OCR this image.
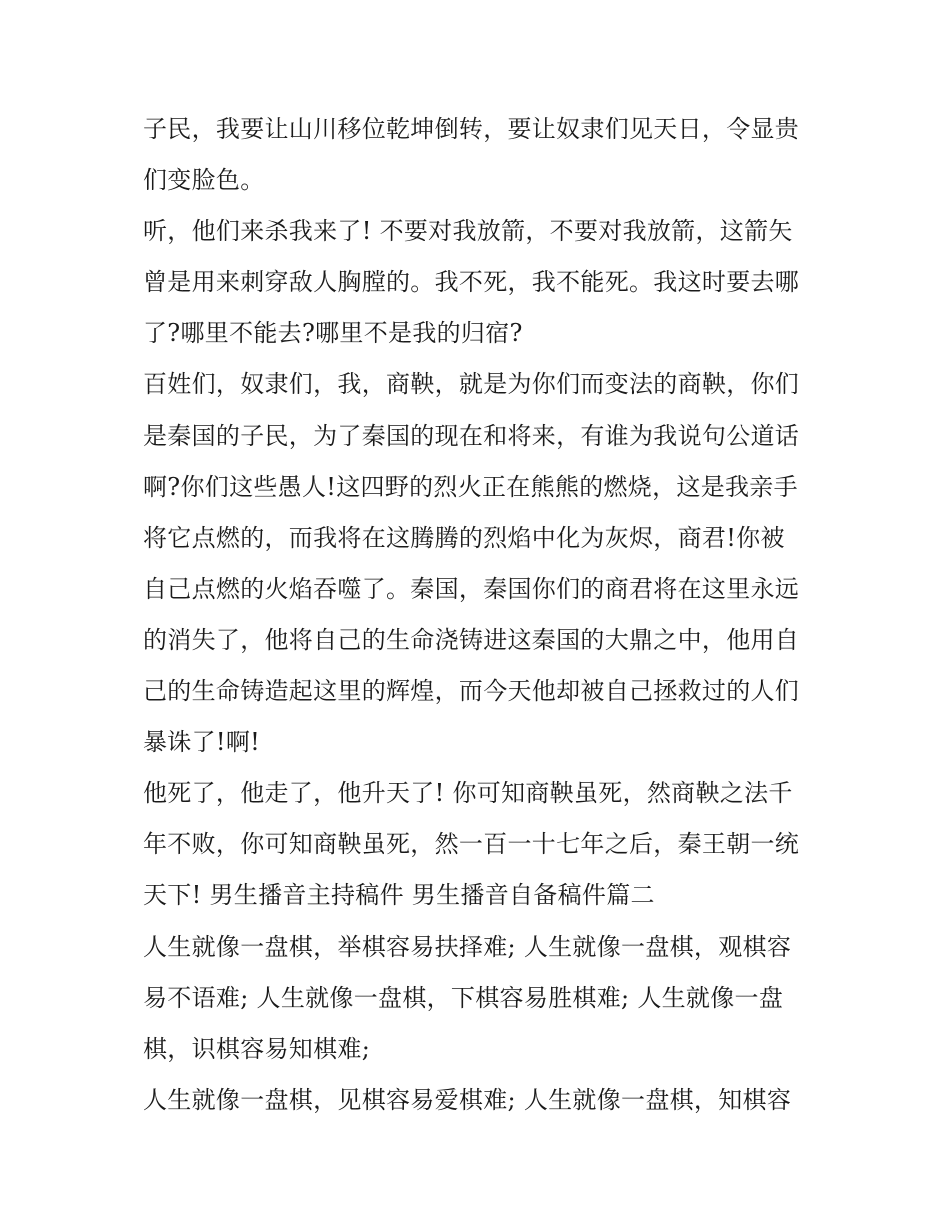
子民，我要让山川移位乾坤倒转，要让奴隶们见天日，令显贵
们变脸色。
听，他们来杀我来了! 不要对我放箭，不要对我放箭，这箭矢
曾是用来刺穿敌人胸膛的。我不死，我不能死。我这时要去哪
了?哪里不能去?哪里不是我的归宿?
百姓们，奴隶们，我，商鞅，就是为你们而变法的商鞅，你们
是秦国的子民，为了秦国的现在和将来，有谁为我说句公道话
啊?你们这些愚人!这四野的烈火正在熊熊的燃烧，这是我亲手
将它点燃的，而我将在这腾腾的烈焰中化为灰烬，商君!你被
自己点燃的火焰吞噬了。秦国，秦国你们的商君将在这里永远
的消失了，他将自己的生命浇铸进这秦国的大鼎之中，他用自
己的生命铸造起这里的辉煌，而今天他却被自己拯救过的人们
暴诛了!啊!
他死了，他走了，他升天了! 你可知商鞅虽死，然商鞅之法千
年不败，你可知商鞅虽死，然一百一十七年之后，秦王朝一统
天下! 男生播音主持稿件 男生播音自备稿件篇二
人生就像一盘棋，举棋容易扶择难; 人生就像一盘棋，观棋容
易不语难; 人生就像一盘棋，下棋容易胜棋难; 人生就像一盘
棋，识棋容易知棋难;
人生就像一盘棋，见棋容易爱棋难; 人生就像一盘棋，知棋容
